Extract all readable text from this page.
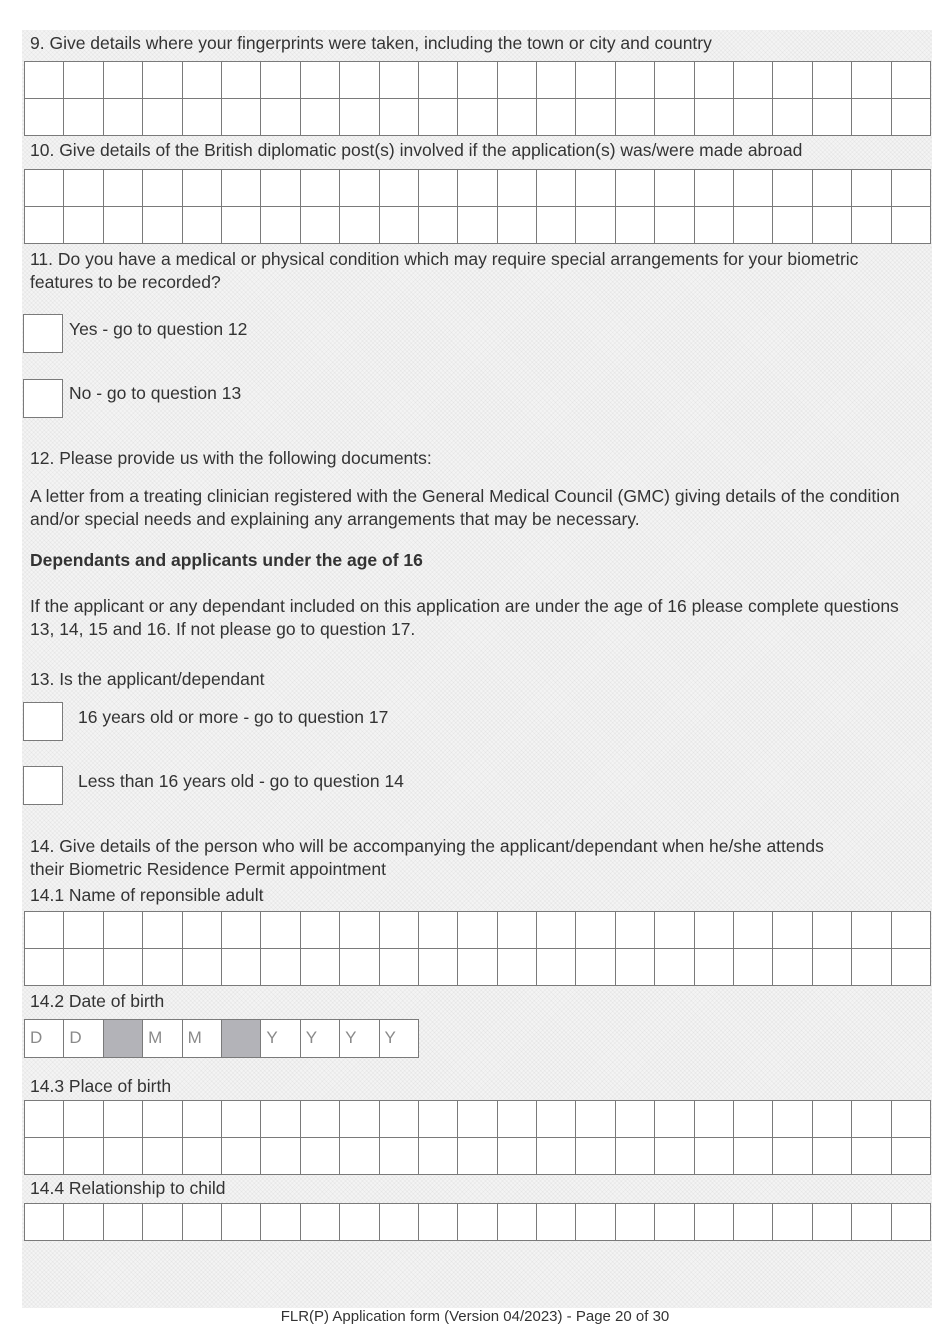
9. Give details where your fingerprints were taken, including the town or city and country
10. Give details of the British diplomatic post(s) involved if the application(s) was/were made abroad
11. Do you have a medical or physical condition which may require special arrangements for your biometric features to be recorded?
Yes - go to question 12
No - go to question 13
12. Please provide us with the following documents:
A letter from a treating clinician registered with the General Medical Council (GMC) giving details of the condition and/or special needs and explaining any arrangements that may be necessary.
Dependants and applicants under the age of 16
If the applicant or any dependant included on this application are under the age of 16 please complete questions 13, 14, 15 and 16. If not please go to question 17.
13. Is the applicant/dependant
16 years old or more - go to question 17
Less than 16 years old - go to question 14
14. Give details of the person who will be accompanying the applicant/dependant when he/she attends their Biometric Residence Permit appointment
14.1 Name of reponsible adult
14.2 Date of birth
D	D	M	M	Y	Y	Y	Y
14.3 Place of birth
14.4 Relationship to child
FLR(P) Application form (Version 04/2023) - Page 20 of 30
